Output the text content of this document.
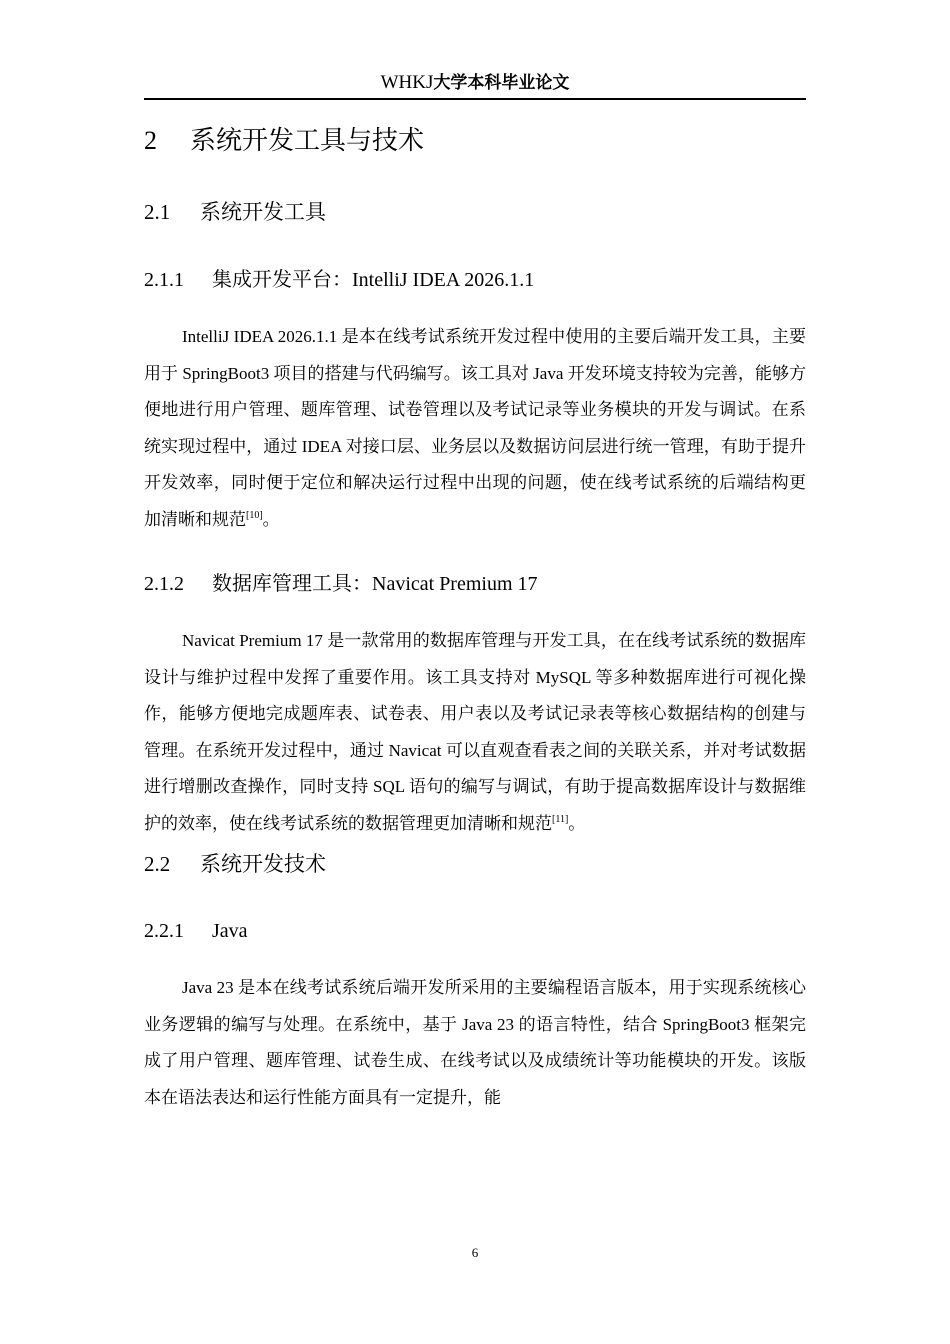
WHKJ大学本科毕业论文
2 系统开发工具与技术
2.1 系统开发工具
2.1.1 集成开发平台：IntelliJ IDEA 2026.1.1

IntelliJ IDEA 2026.1.1 是本在线考试系统开发过程中使用的主要后端开发工具，主要用于 SpringBoot3 项目的搭建与代码编写。该工具对 Java 开发环境支持较为完善，能够方便地进行用户管理、题库管理、试卷管理以及考试记录等业务模块的开发与调试。在系统实现过程中，通过 IDEA 对接口层、业务层以及数据访问层进行统一管理，有助于提升开发效率，同时便于定位和解决运行过程中出现的问题，使在线考试系统的后端结构更加清晰和规范[10]。

2.1.2 数据库管理工具：Navicat Premium 17

Navicat Premium 17 是一款常用的数据库管理与开发工具，在在线考试系统的数据库设计与维护过程中发挥了重要作用。该工具支持对 MySQL 等多种数据库进行可视化操作，能够方便地完成题库表、试卷表、用户表以及考试记录表等核心数据结构的创建与管理。在系统开发过程中，通过 Navicat 可以直观查看表之间的关联关系，并对考试数据进行增删改查操作，同时支持 SQL 语句的编写与调试，有助于提高数据库设计与数据维护的效率，使在线考试系统的数据管理更加清晰和规范[11]。

2.2 系统开发技术
2.2.1 Java

Java 23 是本在线考试系统后端开发所采用的主要编程语言版本，用于实现系统核心业务逻辑的编写与处理。在系统中，基于 Java 23 的语言特性，结合 SpringBoot3 框架完成了用户管理、题库管理、试卷生成、在线考试以及成绩统计等功能模块的开发。该版本在语法表达和运行性能方面具有一定提升，能

6
